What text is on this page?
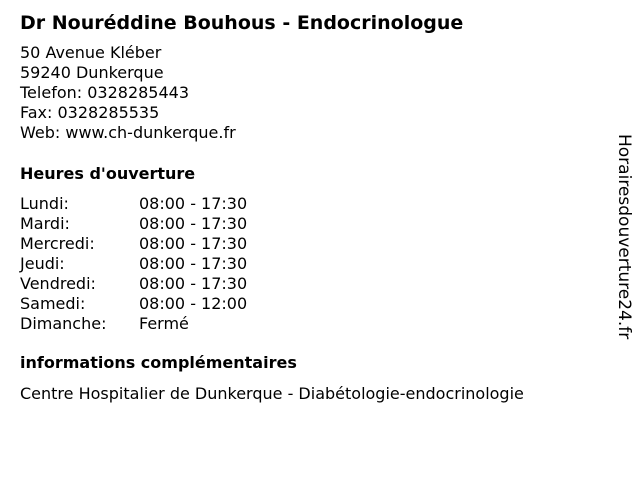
Dr Nouréddine Bouhous - Endocrinologue
50 Avenue Kléber
59240 Dunkerque
Telefon: 0328285443
Fax: 0328285535
Web: www.ch-dunkerque.fr
Heures d'ouverture
Lundi:	08:00 - 17:30
Mardi:	08:00 - 17:30
Mercredi:	08:00 - 17:30
Jeudi:	08:00 - 17:30
Vendredi:	08:00 - 17:30
Samedi:	08:00 - 12:00
Dimanche:	Fermé
informations complémentaires
Centre Hospitalier de Dunkerque - Diabétologie-endocrinologie
Horairesdouverture24.fr
